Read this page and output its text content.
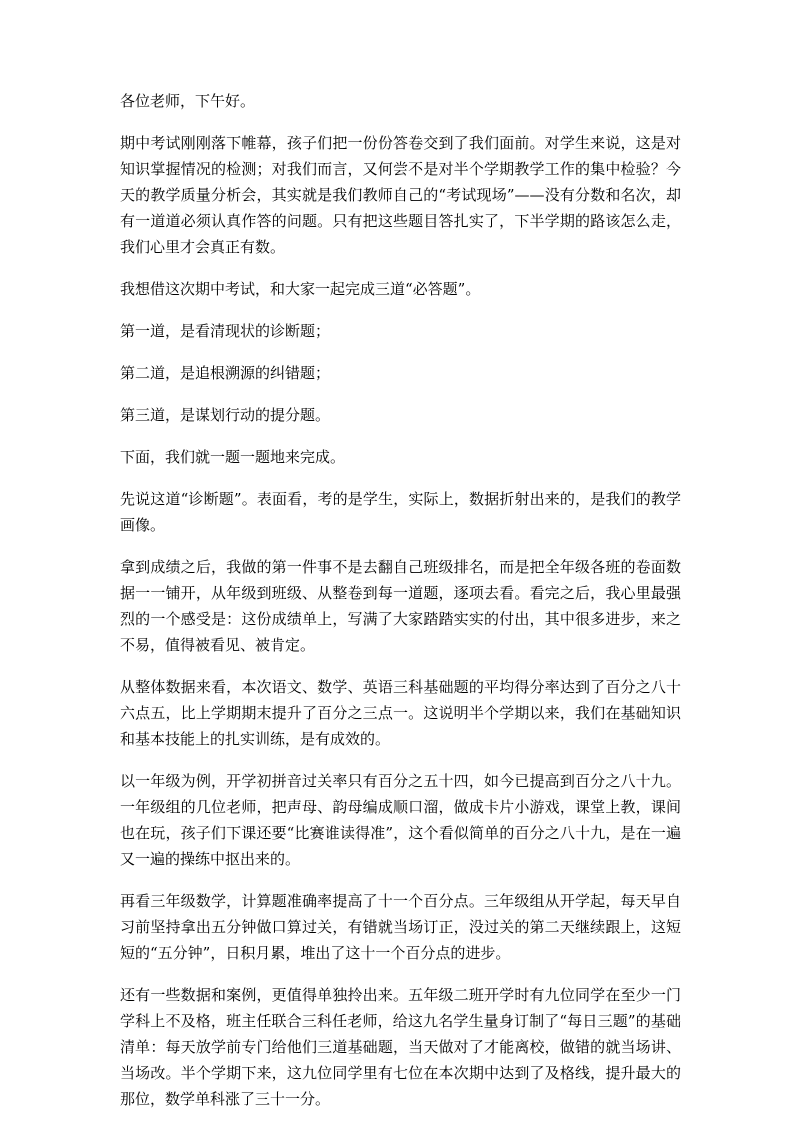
各位老师，下午好。

期中考试刚刚落下帷幕，孩子们把一份份答卷交到了我们面前。对学生来说，这是对知识掌握情况的检测；对我们而言，又何尝不是对半个学期教学工作的集中检验？今天的教学质量分析会，其实就是我们教师自己的“考试现场”——没有分数和名次，却有一道道必须认真作答的问题。只有把这些题目答扎实了，下半学期的路该怎么走，我们心里才会真正有数。

我想借这次期中考试，和大家一起完成三道“必答题”。

第一道，是看清现状的诊断题；

第二道，是追根溯源的纠错题；

第三道，是谋划行动的提分题。

下面，我们就一题一题地来完成。

先说这道“诊断题”。表面看，考的是学生，实际上，数据折射出来的，是我们的教学画像。

拿到成绩之后，我做的第一件事不是去翻自己班级排名，而是把全年级各班的卷面数据一一铺开，从年级到班级、从整卷到每一道题，逐项去看。看完之后，我心里最强烈的一个感受是：这份成绩单上，写满了大家踏踏实实的付出，其中很多进步，来之不易，值得被看见、被肯定。

从整体数据来看，本次语文、数学、英语三科基础题的平均得分率达到了百分之八十六点五，比上学期期末提升了百分之三点一。这说明半个学期以来，我们在基础知识和基本技能上的扎实训练，是有成效的。

以一年级为例，开学初拼音过关率只有百分之五十四，如今已提高到百分之八十九。一年级组的几位老师，把声母、韵母编成顺口溜，做成卡片小游戏，课堂上教，课间也在玩，孩子们下课还要“比赛谁读得准”，这个看似简单的百分之八十九，是在一遍又一遍的操练中抠出来的。

再看三年级数学，计算题准确率提高了十一个百分点。三年级组从开学起，每天早自习前坚持拿出五分钟做口算过关，有错就当场订正，没过关的第二天继续跟上，这短短的“五分钟”，日积月累，堆出了这十一个百分点的进步。

还有一些数据和案例，更值得单独拎出来。五年级二班开学时有九位同学在至少一门学科上不及格，班主任联合三科任老师，给这九名学生量身订制了“每日三题”的基础清单：每天放学前专门给他们三道基础题，当天做对了才能离校，做错的就当场讲、当场改。半个学期下来，这九位同学里有七位在本次期中达到了及格线，提升最大的那位，数学单科涨了三十一分。
